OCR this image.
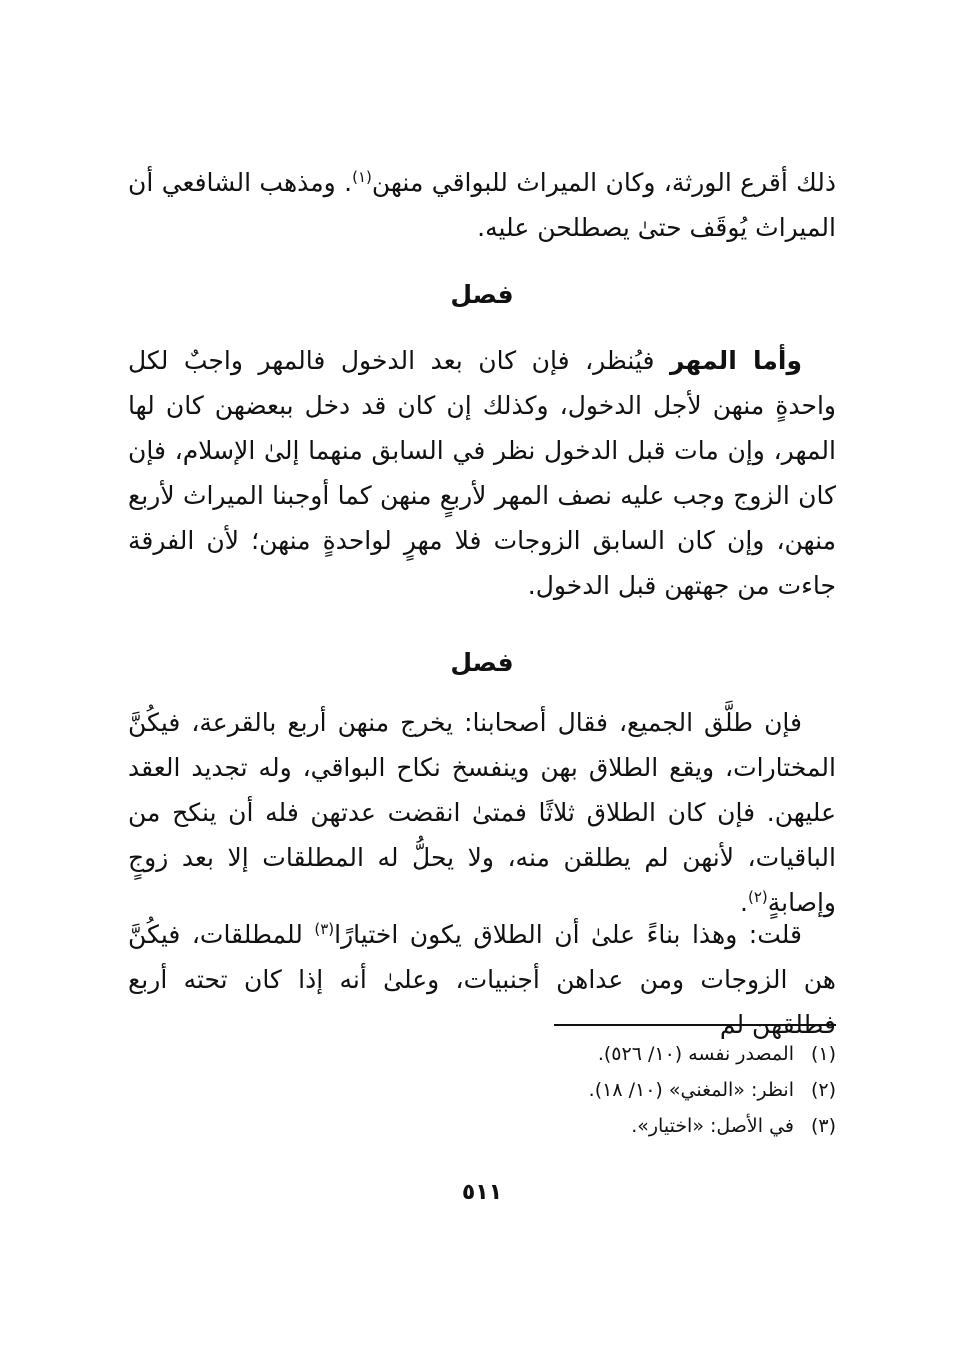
ذلك أقرع الورثة، وكان الميراث للبواقي منهن$^{(١)}$. ومذهب الشافعي أن الميراث يُوقَف حتىٰ يصطلحن عليه.

فصل

وأما المهر فيُنظر، فإن كان بعد الدخول فالمهر واجبٌ لكل واحدةٍ منهن لأجل الدخول، وكذلك إن كان قد دخل ببعضهن كان لها المهر، وإن مات قبل الدخول نظر في السابق منهما إلىٰ الإسلام، فإن كان الزوج وجب عليه نصف المهر لأربعٍ منهن كما أوجبنا الميراث لأربع منهن، وإن كان السابق الزوجات فلا مهرٍ لواحدةٍ منهن؛ لأن الفرقة جاءت من جهتهن قبل الدخول.

فصل

فإن طلَّق الجميع، فقال أصحابنا: يخرج منهن أربع بالقرعة، فيكُنَّ المختارات، ويقع الطلاق بهن وينفسخ نكاح البواقي، وله تجديد العقد عليهن. فإن كان الطلاق ثلاثًا فمتىٰ انقضت عدتهن فله أن ينكح من الباقيات، لأنهن لم يطلقن منه، ولا يحلُّ له المطلقات إلا بعد زوجٍ وإصابةٍ$^{(٢)}$.

قلت: وهذا بناءً علىٰ أن الطلاق يكون اختيارًا$^{(٣)}$ للمطلقات، فيكُنَّ هن الزوجات ومن عداهن أجنبيات، وعلىٰ أنه إذا كان تحته أربع فطلقهن لم

(١)المصدر نفسه (١٠/ ٥٢٦).
(٢)انظر: «المغني» (١٠/ ١٨).
(٣)في الأصل: «اختيار».
٥١١
